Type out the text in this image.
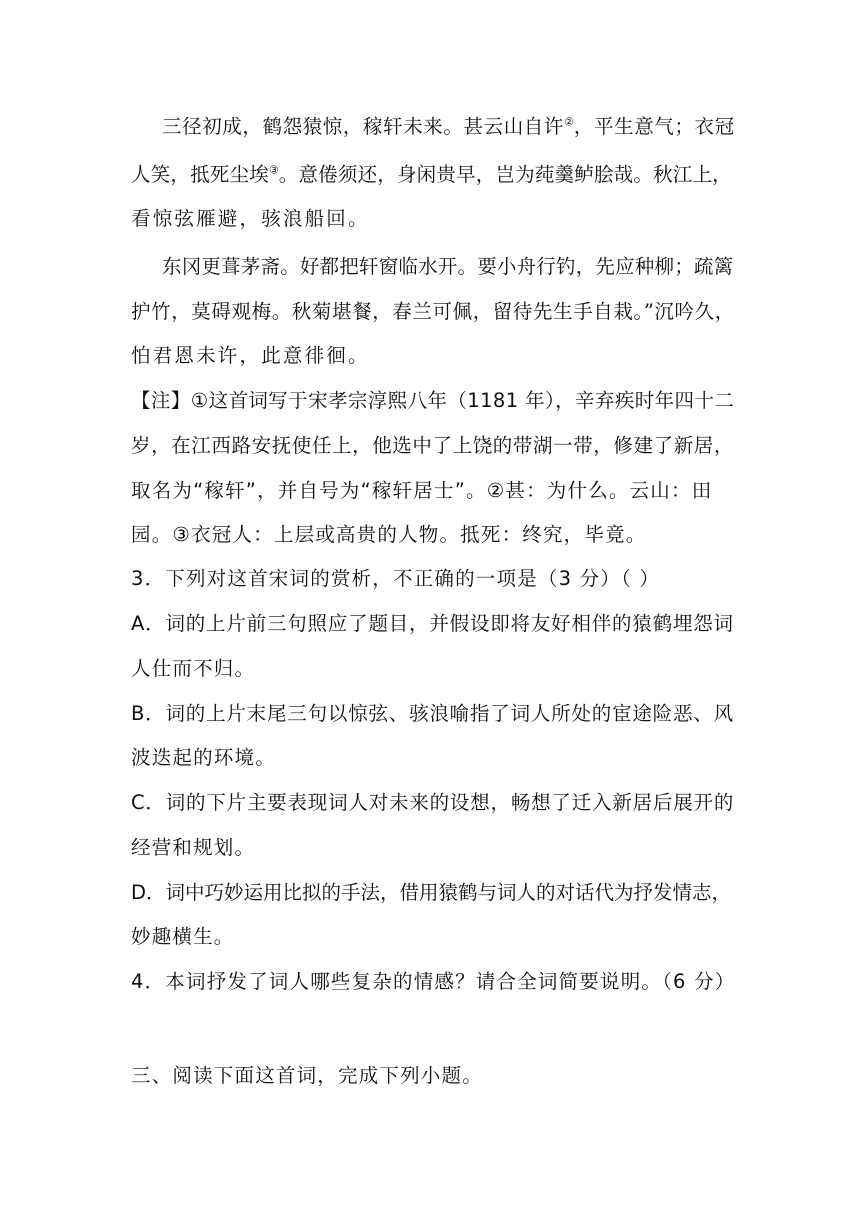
三径初成，鹤怨猿惊，稼轩未来。甚云山自许②，平生意气；衣冠
人笑，抵死尘埃③。意倦须还，身闲贵早，岂为莼羹鲈脍哉。秋江上，
看惊弦雁避，骇浪船回。
东冈更葺茅斋。好都把轩窗临水开。要小舟行钓，先应种柳；疏篱
护竹，莫碍观梅。秋菊堪餐，春兰可佩，留待先生手自栽。”沉吟久，
怕君恩未许，此意徘徊。
【注】①这首词写于宋孝宗淳熙八年（1181 年），辛弃疾时年四十二
岁，在江西路安抚使任上，他选中了上饶的带湖一带，修建了新居，
取名为“稼轩”，并自号为“稼轩居士”。②甚：为什么。云山：田
园。③衣冠人：上层或高贵的人物。抵死：终究，毕竟。
3．下列对这首宋词的赏析，不正确的一项是（3 分）（ ）
A．词的上片前三句照应了题目，并假设即将友好相伴的猿鹤埋怨词
人仕而不归。
B．词的上片末尾三句以惊弦、骇浪喻指了词人所处的宦途险恶、风
波迭起的环境。
C．词的下片主要表现词人对未来的设想，畅想了迁入新居后展开的
经营和规划。
D．词中巧妙运用比拟的手法，借用猿鹤与词人的对话代为抒发情志，
妙趣横生。
4．本词抒发了词人哪些复杂的情感？请合全词简要说明。（6 分）
三、阅读下面这首词，完成下列小题。
